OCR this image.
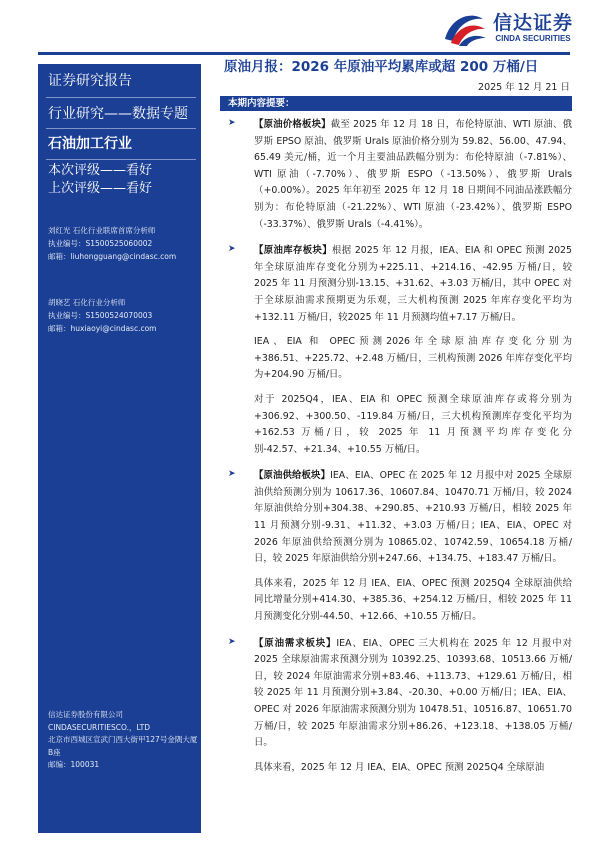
信达证券
CINDA SECURITIES
证券研究报告
行业研究——数据专题
石油加工行业
本次评级——看好
上次评级——看好
刘红光 石化行业联席首席分析师
执业编号：S1500525060002
邮箱：liuhongguang@cindasc.com
胡晓艺 石化行业分析师
执业编号：S1500524070003
邮箱：huxiaoyi@cindasc.com
信达证券股份有限公司
CINDASECURITIESCO.，LTD
北京市西城区宣武门西大街甲127号金隅大厦B座
邮编：100031
原油月报：2026 年原油平均累库或超 200 万桶/日
2025 年 12 月 21 日
本期内容提要：
➤ 【原油价格板块】截至 2025 年 12 月 18 日，布伦特原油、WTI 原油、俄罗斯 EPSO 原油、俄罗斯 Urals 原油价格分别为 59.82、56.00、47.94、65.49 美元/桶，近一个月主要油品跌幅分别为：布伦特原油（-7.81%）、WTI 原油（-7.70%）、俄罗斯 ESPO（-13.50%）、俄罗斯 Urals（+0.00%）。2025 年年初至 2025 年 12 月 18 日期间不同油品涨跌幅分别为：布伦特原油（-21.22%）、WTI 原油（-23.42%）、俄罗斯 ESPO（-33.37%）、俄罗斯 Urals（-4.41%）。

➤ 【原油库存板块】根据 2025 年 12 月报，IEA、EIA 和 OPEC 预测 2025 年全球原油库存变化分别为+225.11、+214.16、-42.95 万桶/日，较 2025 年 11 月预测分别-13.15、+31.62、+3.03 万桶/日，其中 OPEC 对于全球原油需求预期更为乐观，三大机构预测 2025 年库存变化平均为+132.11 万桶/日，较2025 年 11 月预测均值+7.17 万桶/日。

IEA、EIA 和 OPEC预测2026年全球原油库存变化分别为+386.51、+225.72、+2.48 万桶/日，三机构预测 2026 年库存变化平均为+204.90 万桶/日。

对于 2025Q4，IEA、EIA 和 OPEC 预测全球原油库存或将分别为+306.92、+300.50、-119.84 万桶/日，三大机构预测库存变化平均为+162.53 万桶/日，较 2025 年 11 月预测平均库存变化分别-42.57、+21.34、+10.55 万桶/日。

➤ 【原油供给板块】IEA、EIA、OPEC 在 2025 年 12 月报中对 2025 全球原油供给预测分别为 10617.36、10607.84、10470.71 万桶/日，较 2024 年原油供给分别+304.38、+290.85、+210.93 万桶/日，相较 2025 年 11 月预测分别-9.31、+11.32、+3.03 万桶/日；IEA、EIA、OPEC 对 2026 年原油供给预测分别为 10865.02、10742.59、10654.18 万桶/日，较 2025 年原油供给分别+247.66、+134.75、+183.47 万桶/日。

具体来看，2025 年 12 月 IEA、EIA、OPEC 预测 2025Q4 全球原油供给同比增量分别+414.30、+385.36、+254.12 万桶/日，相较 2025 年 11 月预测变化分别-44.50、+12.66、+10.55 万桶/日。

➤ 【原油需求板块】IEA、EIA、OPEC 三大机构在 2025 年 12 月报中对 2025 全球原油需求预测分别为 10392.25、10393.68、10513.66 万桶/日，较 2024 年原油需求分别+83.46、+113.73、+129.61 万桶/日，相较 2025 年 11 月预测分别+3.84、-20.30、+0.00 万桶/日；IEA、EIA、OPEC 对 2026 年原油需求预测分别为 10478.51、10516.87、10651.70 万桶/日，较 2025 年原油需求分别+86.26、+123.18、+138.05 万桶/日。

具体来看，2025 年 12 月 IEA、EIA、OPEC 预测 2025Q4 全球原油
